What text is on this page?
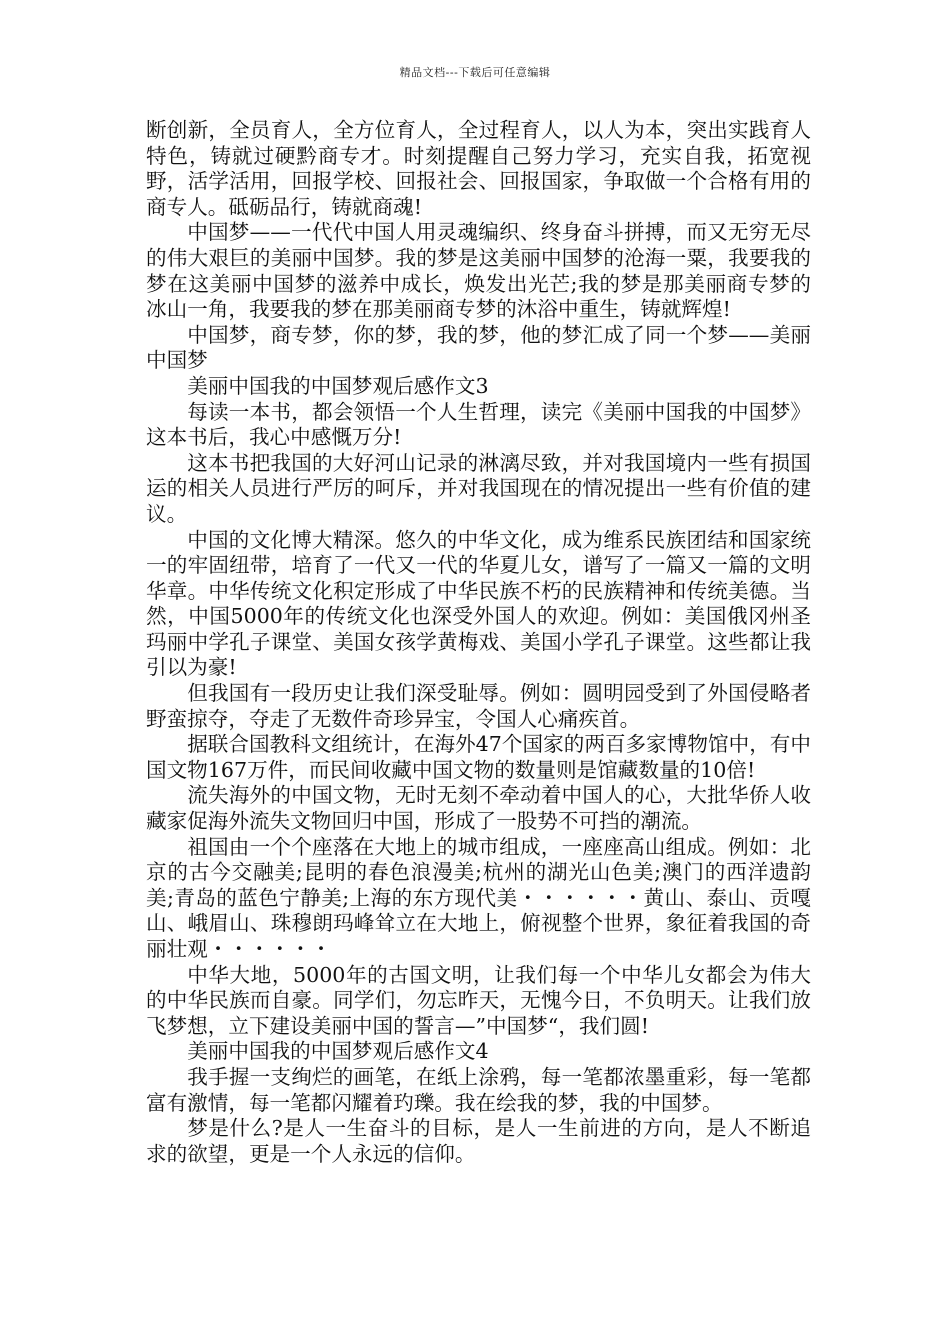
精品文档---下载后可任意编辑

断创新，全员育人，全方位育人，全过程育人，以人为本，突出实践育人特色，铸就过硬黔商专才。时刻提醒自己努力学习，充实自我，拓宽视野，活学活用，回报学校、回报社会、回报国家，争取做一个合格有用的商专人。砥砺品行，铸就商魂!

中国梦——一代代中国人用灵魂编织、终身奋斗拼搏，而又无穷无尽的伟大艰巨的美丽中国梦。我的梦是这美丽中国梦的沧海一粟，我要我的梦在这美丽中国梦的滋养中成长，焕发出光芒;我的梦是那美丽商专梦的冰山一角，我要我的梦在那美丽商专梦的沐浴中重生，铸就辉煌!

中国梦，商专梦，你的梦，我的梦，他的梦汇成了同一个梦——美丽中国梦

美丽中国我的中国梦观后感作文3

每读一本书，都会领悟一个人生哲理，读完《美丽中国我的中国梦》这本书后，我心中感慨万分!

这本书把我国的大好河山记录的淋漓尽致，并对我国境内一些有损国运的相关人员进行严厉的呵斥，并对我国现在的情况提出一些有价值的建议。

中国的文化博大精深。悠久的中华文化，成为维系民族团结和国家统一的牢固纽带，培育了一代又一代的华夏儿女，谱写了一篇又一篇的文明华章。中华传统文化积定形成了中华民族不朽的民族精神和传统美德。当然，中国5000年的传统文化也深受外国人的欢迎。例如：美国俄冈州圣玛丽中学孔子课堂、美国女孩学黄梅戏、美国小学孔子课堂。这些都让我引以为豪!

但我国有一段历史让我们深受耻辱。例如：圆明园受到了外国侵略者野蛮掠夺，夺走了无数件奇珍异宝，令国人心痛疾首。

据联合国教科文组统计，在海外47个国家的两百多家博物馆中，有中国文物167万件，而民间收藏中国文物的数量则是馆藏数量的10倍!

流失海外的中国文物，无时无刻不牵动着中国人的心，大批华侨人收藏家促海外流失文物回归中国，形成了一股势不可挡的潮流。

祖国由一个个座落在大地上的城市组成，一座座高山组成。例如：北京的古今交融美;昆明的春色浪漫美;杭州的湖光山色美;澳门的西洋遗韵美;青岛的蓝色宁静美;上海的东方现代美・・・・・・黄山、泰山、贡嘎山、峨眉山、珠穆朗玛峰耸立在大地上，俯视整个世界，象征着我国的奇丽壮观・・・・・・

中华大地，5000年的古国文明，让我们每一个中华儿女都会为伟大的中华民族而自豪。同学们，勿忘昨天，无愧今日，不负明天。让我们放飞梦想，立下建设美丽中国的誓言—”中国梦“，我们圆!

美丽中国我的中国梦观后感作文4

我手握一支绚烂的画笔，在纸上涂鸦，每一笔都浓墨重彩，每一笔都富有激情，每一笔都闪耀着玓瓅。我在绘我的梦，我的中国梦。

梦是什么?是人一生奋斗的目标，是人一生前进的方向，是人不断追求的欲望，更是一个人永远的信仰。
